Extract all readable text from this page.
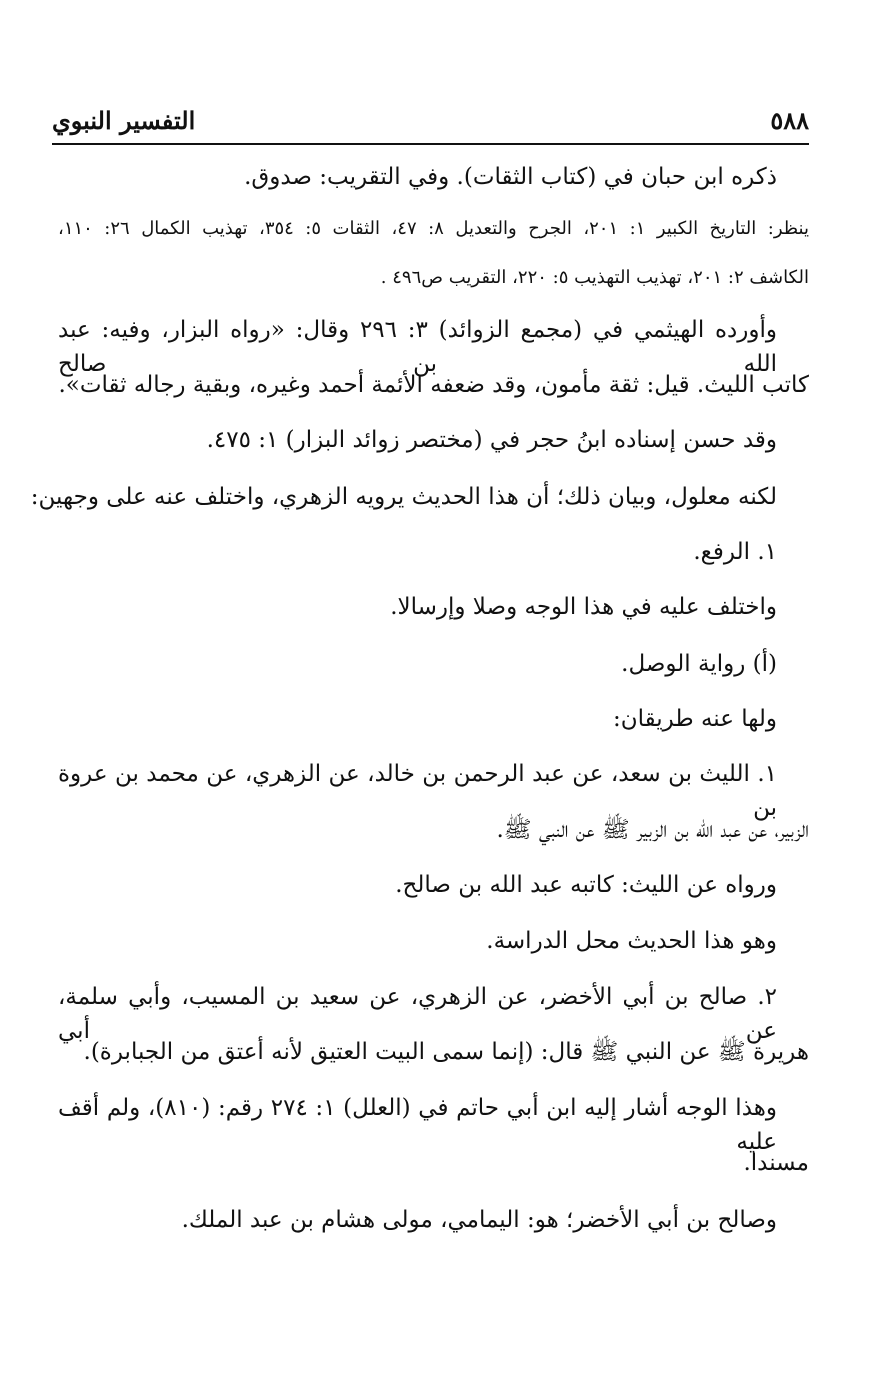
٥٨٨
التفسير النبوي
ذكره ابن حبان في (كتاب الثقات). وفي التقريب: صدوق.
ينظر: التاريخ الكبير ١: ٢٠١، الجرح والتعديل ٨: ٤٧، الثقات ٥: ٣٥٤، تهذيب الكمال ٢٦: ١١٠،
الكاشف ٢: ٢٠١، تهذيب التهذيب ٥: ٢٢٠، التقريب ص٤٩٦ .
وأورده الهيثمي في (مجمع الزوائد) ٣: ٢٩٦ وقال: «رواه البزار، وفيه: عبد الله بن صالح
كاتب الليث. قيل: ثقة مأمون، وقد ضعفه الأئمة أحمد وغيره، وبقية رجاله ثقات».
وقد حسن إسناده ابنُ حجر في (مختصر زوائد البزار) ١: ٤٧٥.
لكنه معلول، وبيان ذلك؛ أن هذا الحديث يرويه الزهري، واختلف عنه على وجهين:
١. الرفع.
واختلف عليه في هذا الوجه وصلا وإرسالا.
(أ) رواية الوصل.
ولها عنه طريقان:
١. الليث بن سعد، عن عبد الرحمن بن خالد، عن الزهري، عن محمد بن عروة بن
الزبير، عن عبد الله بن الزبير ﷺ عن النبي ﷺ.
ورواه عن الليث: كاتبه عبد الله بن صالح.
وهو هذا الحديث محل الدراسة.
٢. صالح بن أبي الأخضر، عن الزهري، عن سعيد بن المسيب، وأبي سلمة، عن أبي
هريرة ﷺ عن النبي ﷺ قال: (إنما سمى البيت العتيق لأنه أعتق من الجبابرة).
وهذا الوجه أشار إليه ابن أبي حاتم في (العلل) ١: ٢٧٤ رقم: (٨١٠)، ولم أقف عليه
مسندا.
وصالح بن أبي الأخضر؛ هو: اليمامي، مولى هشام بن عبد الملك.
